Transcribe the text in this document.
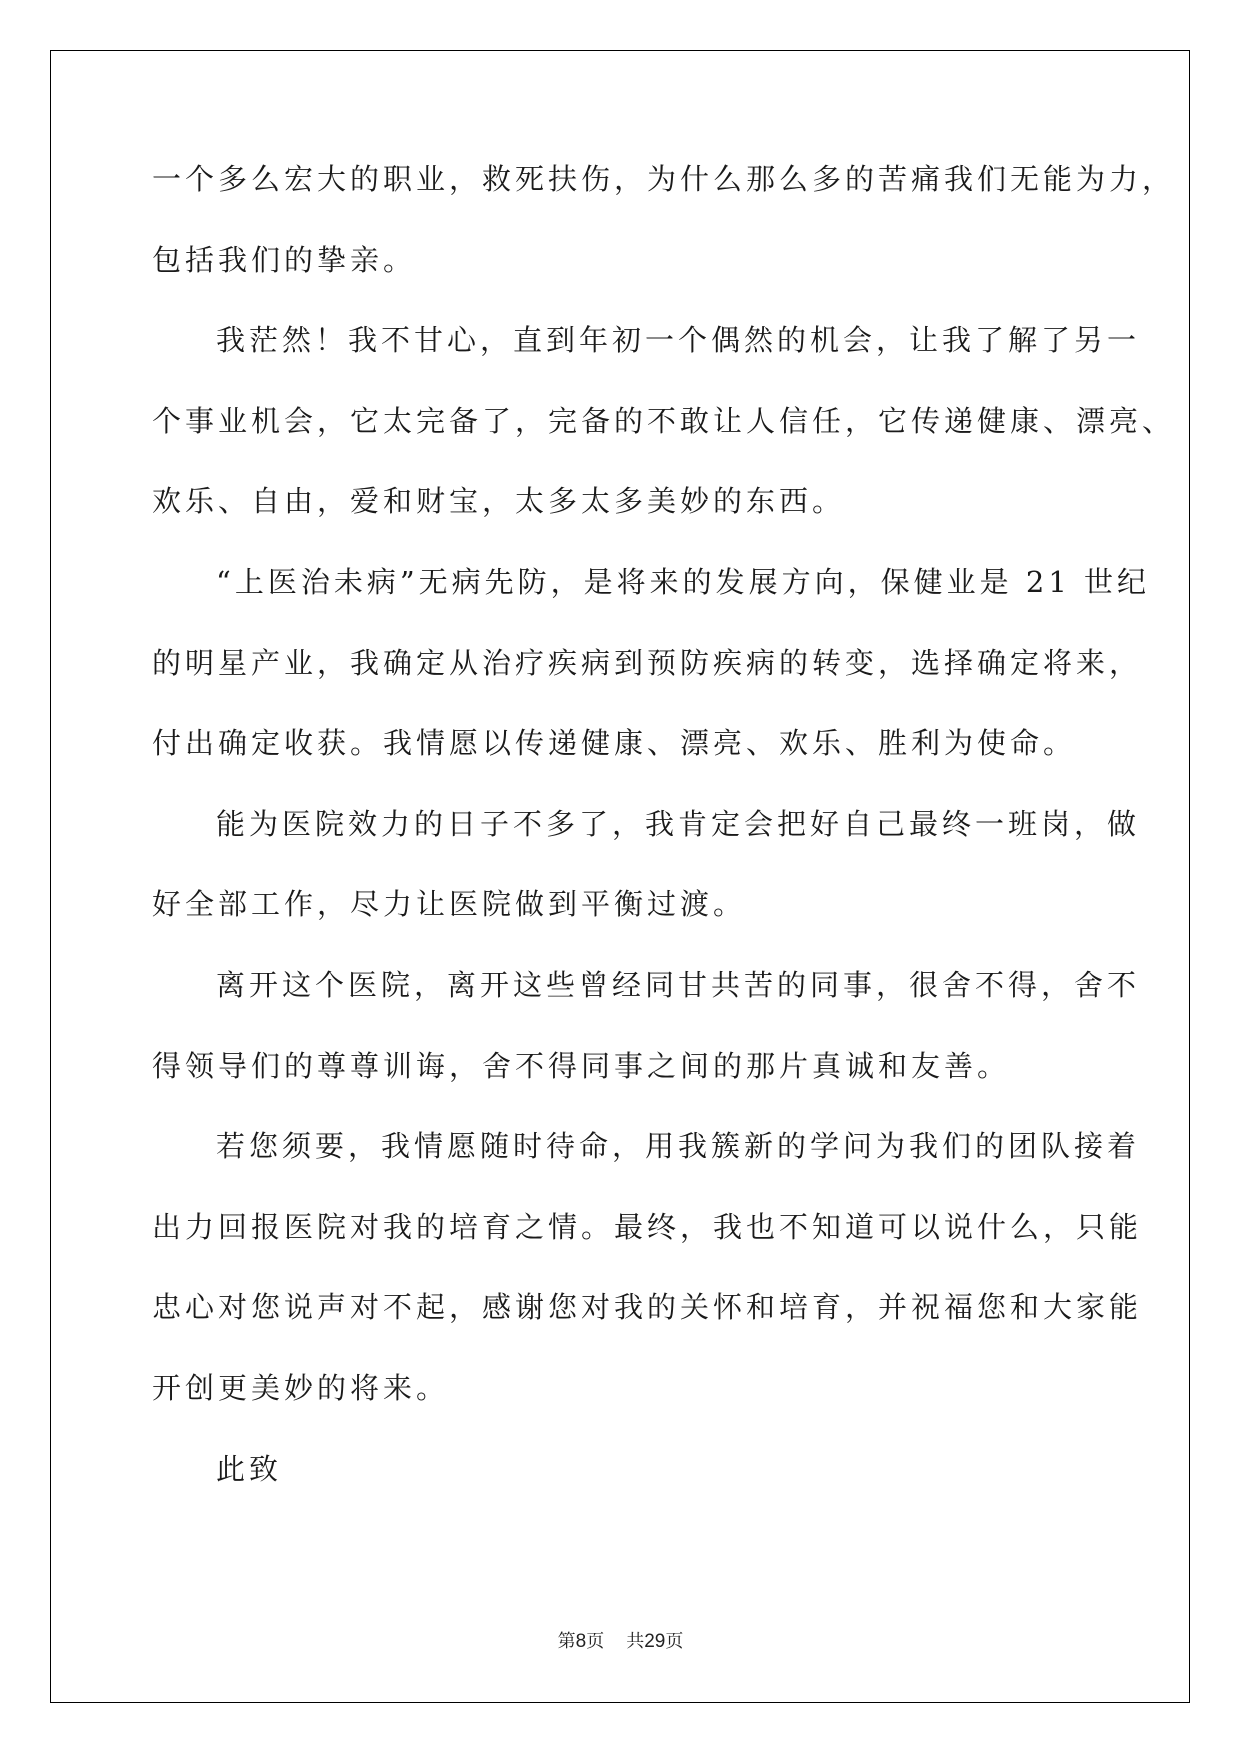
一个多么宏大的职业，救死扶伤，为什么那么多的苦痛我们无能为力，
包括我们的挚亲。
我茫然！我不甘心，直到年初一个偶然的机会，让我了解了另一
个事业机会，它太完备了，完备的不敢让人信任，它传递健康、漂亮、
欢乐、自由，爱和财宝，太多太多美妙的东西。
“上医治未病”无病先防，是将来的发展方向，保健业是 21 世纪
的明星产业，我确定从治疗疾病到预防疾病的转变，选择确定将来，
付出确定收获。我情愿以传递健康、漂亮、欢乐、胜利为使命。
能为医院效力的日子不多了，我肯定会把好自己最终一班岗，做
好全部工作，尽力让医院做到平衡过渡。
离开这个医院，离开这些曾经同甘共苦的同事，很舍不得，舍不
得领导们的尊尊训诲，舍不得同事之间的那片真诚和友善。
若您须要，我情愿随时待命，用我簇新的学问为我们的团队接着
出力回报医院对我的培育之情。最终，我也不知道可以说什么，只能
忠心对您说声对不起，感谢您对我的关怀和培育，并祝福您和大家能
开创更美妙的将来。
此致
第8页 共29页
